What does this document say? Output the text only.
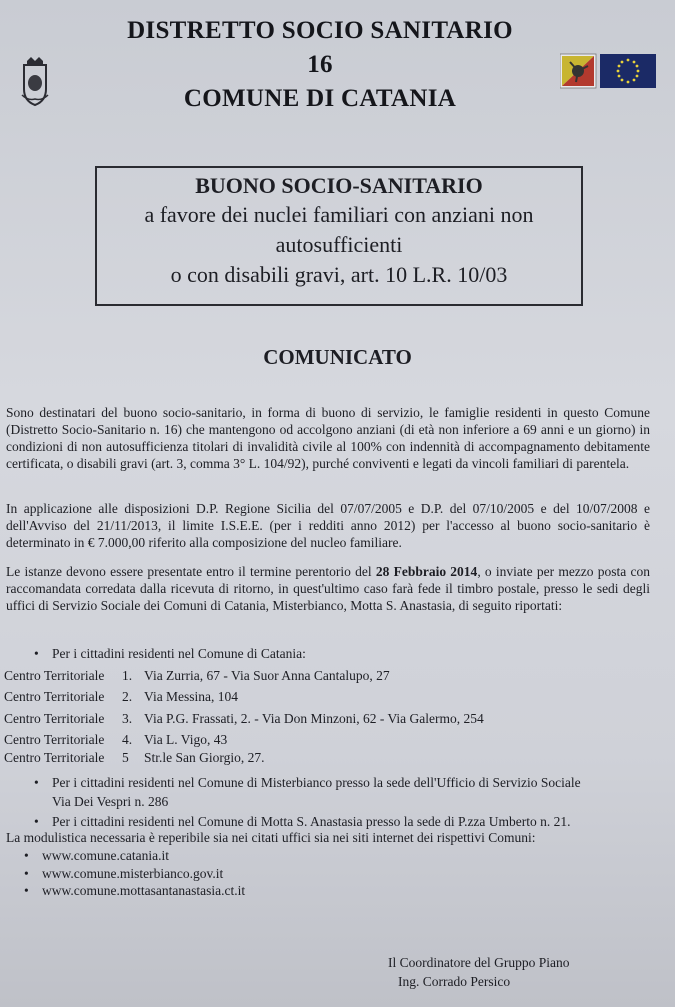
DISTRETTO SOCIO SANITARIO
16
COMUNE DI CATANIA
BUONO SOCIO-SANITARIO
a favore dei nuclei familiari con anziani non
autosufficienti
o con disabili gravi, art. 10 L.R. 10/03
COMUNICATO
Sono destinatari del buono socio-sanitario, in forma di buono di servizio, le famiglie residenti in questo Comune (Distretto Socio-Sanitario n. 16) che mantengono od accolgono anziani (di età non inferiore a 69 anni e un giorno) in condizioni di non autosufficienza titolari di invalidità civile al 100% con indennità di accompagnamento debitamente certificata, o disabili gravi (art. 3, comma 3° L. 104/92), purché conviventi e legati da vincoli familiari di parentela.
In applicazione alle disposizioni D.P. Regione Sicilia del 07/07/2005 e D.P. del 07/10/2005 e del 10/07/2008 e dell'Avviso del 21/11/2013, il limite I.S.E.E. (per i redditi anno 2012) per l'accesso al buono socio-sanitario è determinato in € 7.000,00 riferito alla composizione del nucleo familiare.
Le istanze devono essere presentate entro il termine perentorio del 28 Febbraio 2014, o inviate per mezzo posta con raccomandata corredata dalla ricevuta di ritorno, in quest'ultimo caso farà fede il timbro postale, presso le sedi degli uffici di Servizio Sociale dei Comuni di Catania, Misterbianco, Motta S. Anastasia, di seguito riportati:
• Per i cittadini residenti nel Comune di Catania:
Centro Territoriale 1. Via Zurria, 67 - Via Suor Anna Cantalupo, 27
Centro Territoriale 2. Via Messina, 104
Centro Territoriale 3. Via P.G. Frassati, 2. - Via Don Minzoni, 62 - Via Galermo, 254
Centro Territoriale 4. Via L. Vigo, 43
Centro Territoriale 5 Str.le San Giorgio, 27.
• Per i cittadini residenti nel Comune di Misterbianco presso la sede dell'Ufficio di Servizio Sociale
Via Dei Vespri n. 286
• Per i cittadini residenti nel Comune di Motta S. Anastasia presso la sede di P.zza Umberto n. 21.
La modulistica necessaria è reperibile sia nei citati uffici sia nei siti internet dei rispettivi Comuni:
• www.comune.catania.it
• www.comune.misterbianco.gov.it
• www.comune.mottasantanastasia.ct.it
Il Coordinatore del Gruppo Piano
Ing. Corrado Persico
